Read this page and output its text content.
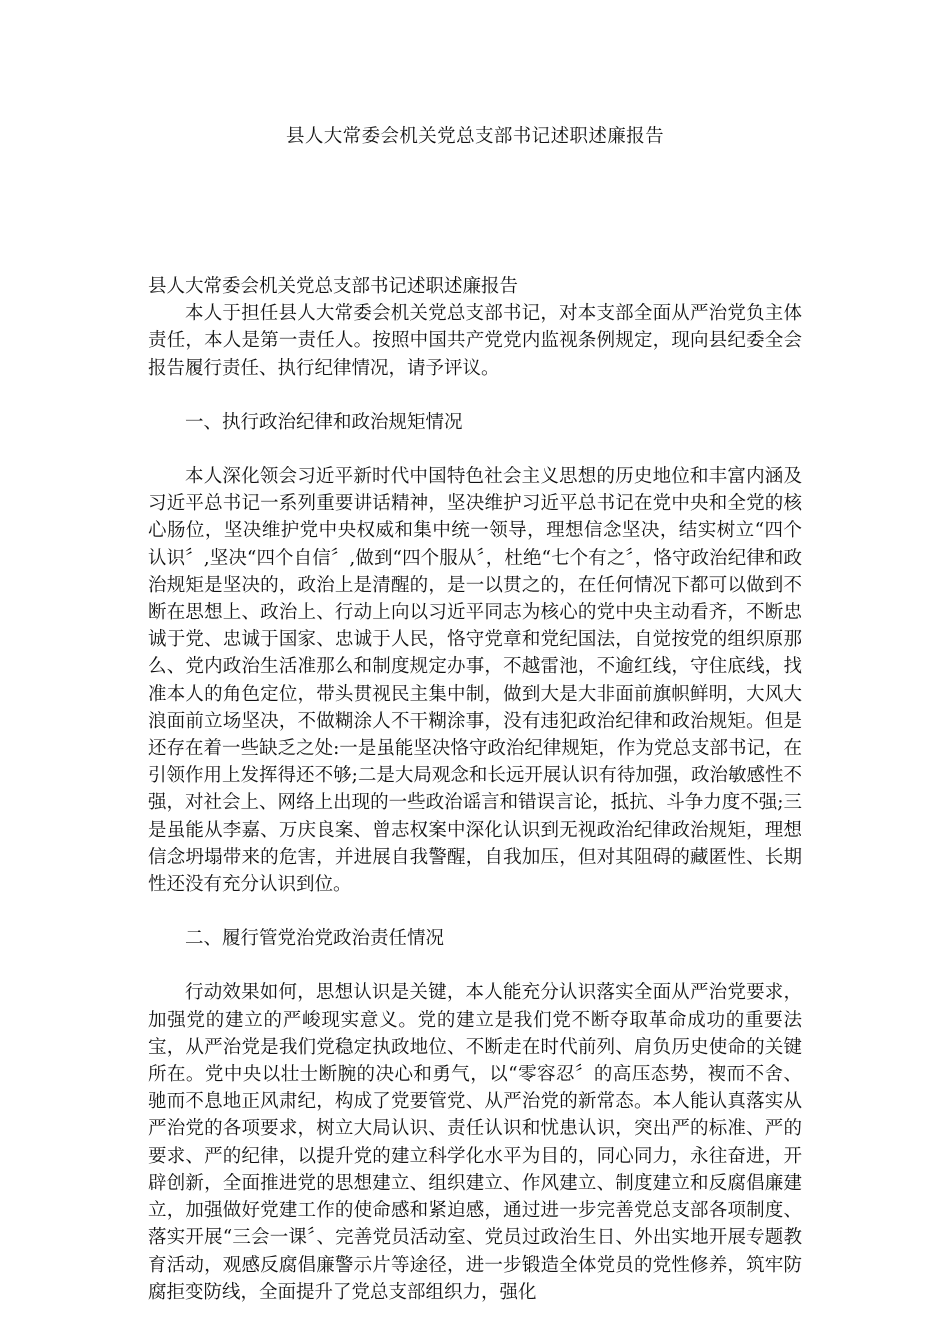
县人大常委会机关党总支部书记述职述廉报告

县人大常委会机关党总支部书记述职述廉报告

本人于担任县人大常委会机关党总支部书记，对本支部全面从严治党负主体责任，本人是第一责任人。按照中国共产党党内监视条例规定，现向县纪委全会报告履行责任、执行纪律情况，请予评议。

一、执行政治纪律和政治规矩情况

本人深化领会习近平新时代中国特色社会主义思想的历史地位和丰富内涵及习近平总书记一系列重要讲话精神，坚决维护习近平总书记在党中央和全党的核心肠位，坚决维护党中央权威和集中统一领导，理想信念坚决，结实树立“四个认识〞,坚决“四个自信〞,做到“四个服从〞，杜绝“七个有之〞，恪守政治纪律和政治规矩是坚决的，政治上是清醒的，是一以贯之的，在任何情况下都可以做到不断在思想上、政治上、行动上向以习近平同志为核心的党中央主动看齐，不断忠诚于党、忠诚于国家、忠诚于人民，恪守党章和党纪国法，自觉按党的组织原那么、党内政治生活准那么和制度规定办事，不越雷池，不逾红线，守住底线，找准本人的角色定位，带头贯视民主集中制，做到大是大非面前旗帜鲜明，大风大浪面前立场坚决，不做糊涂人不干糊涂事，没有违犯政治纪律和政治规矩。但是还存在着一些缺乏之处:一是虽能坚决恪守政治纪律规矩，作为党总支部书记，在引领作用上发挥得还不够;二是大局观念和长远开展认识有待加强，政治敏感性不强，对社会上、网络上出现的一些政治谣言和错误言论，抵抗、斗争力度不强;三是虽能从李嘉、万庆良案、曾志权案中深化认识到无视政治纪律政治规矩，理想信念坍塌带来的危害，并进展自我警醒，自我加压，但对其阻碍的藏匿性、长期性还没有充分认识到位。

二、履行管党治党政治责任情况

行动效果如何，思想认识是关键，本人能充分认识落实全面从严治党要求，加强党的建立的严峻现实意义。党的建立是我们党不断夺取革命成功的重要法宝，从严治党是我们党稳定执政地位、不断走在时代前列、肩负历史使命的关键所在。党中央以壮士断腕的决心和勇气，以“零容忍〞的高压态势，褉而不舍、驰而不息地正风肃纪，构成了党要管党、从严治党的新常态。本人能认真落实从严治党的各项要求，树立大局认识、责任认识和忧患认识，突出严的标准、严的要求、严的纪律，以提升党的建立科学化水平为目的，同心同力，永往奋进，开辟创新，全面推进党的思想建立、组织建立、作风建立、制度建立和反腐倡廉建立，加强做好党建工作的使命感和紧迫感，通过进一步完善党总支部各项制度、落实开展“三会一课〞、完善党员活动室、党员过政治生日、外出实地开展专题教育活动，观感反腐倡廉警示片等途径，进一步锻造全体党员的党性修养，筑牢防腐拒变防线，全面提升了党总支部组织力，强化
